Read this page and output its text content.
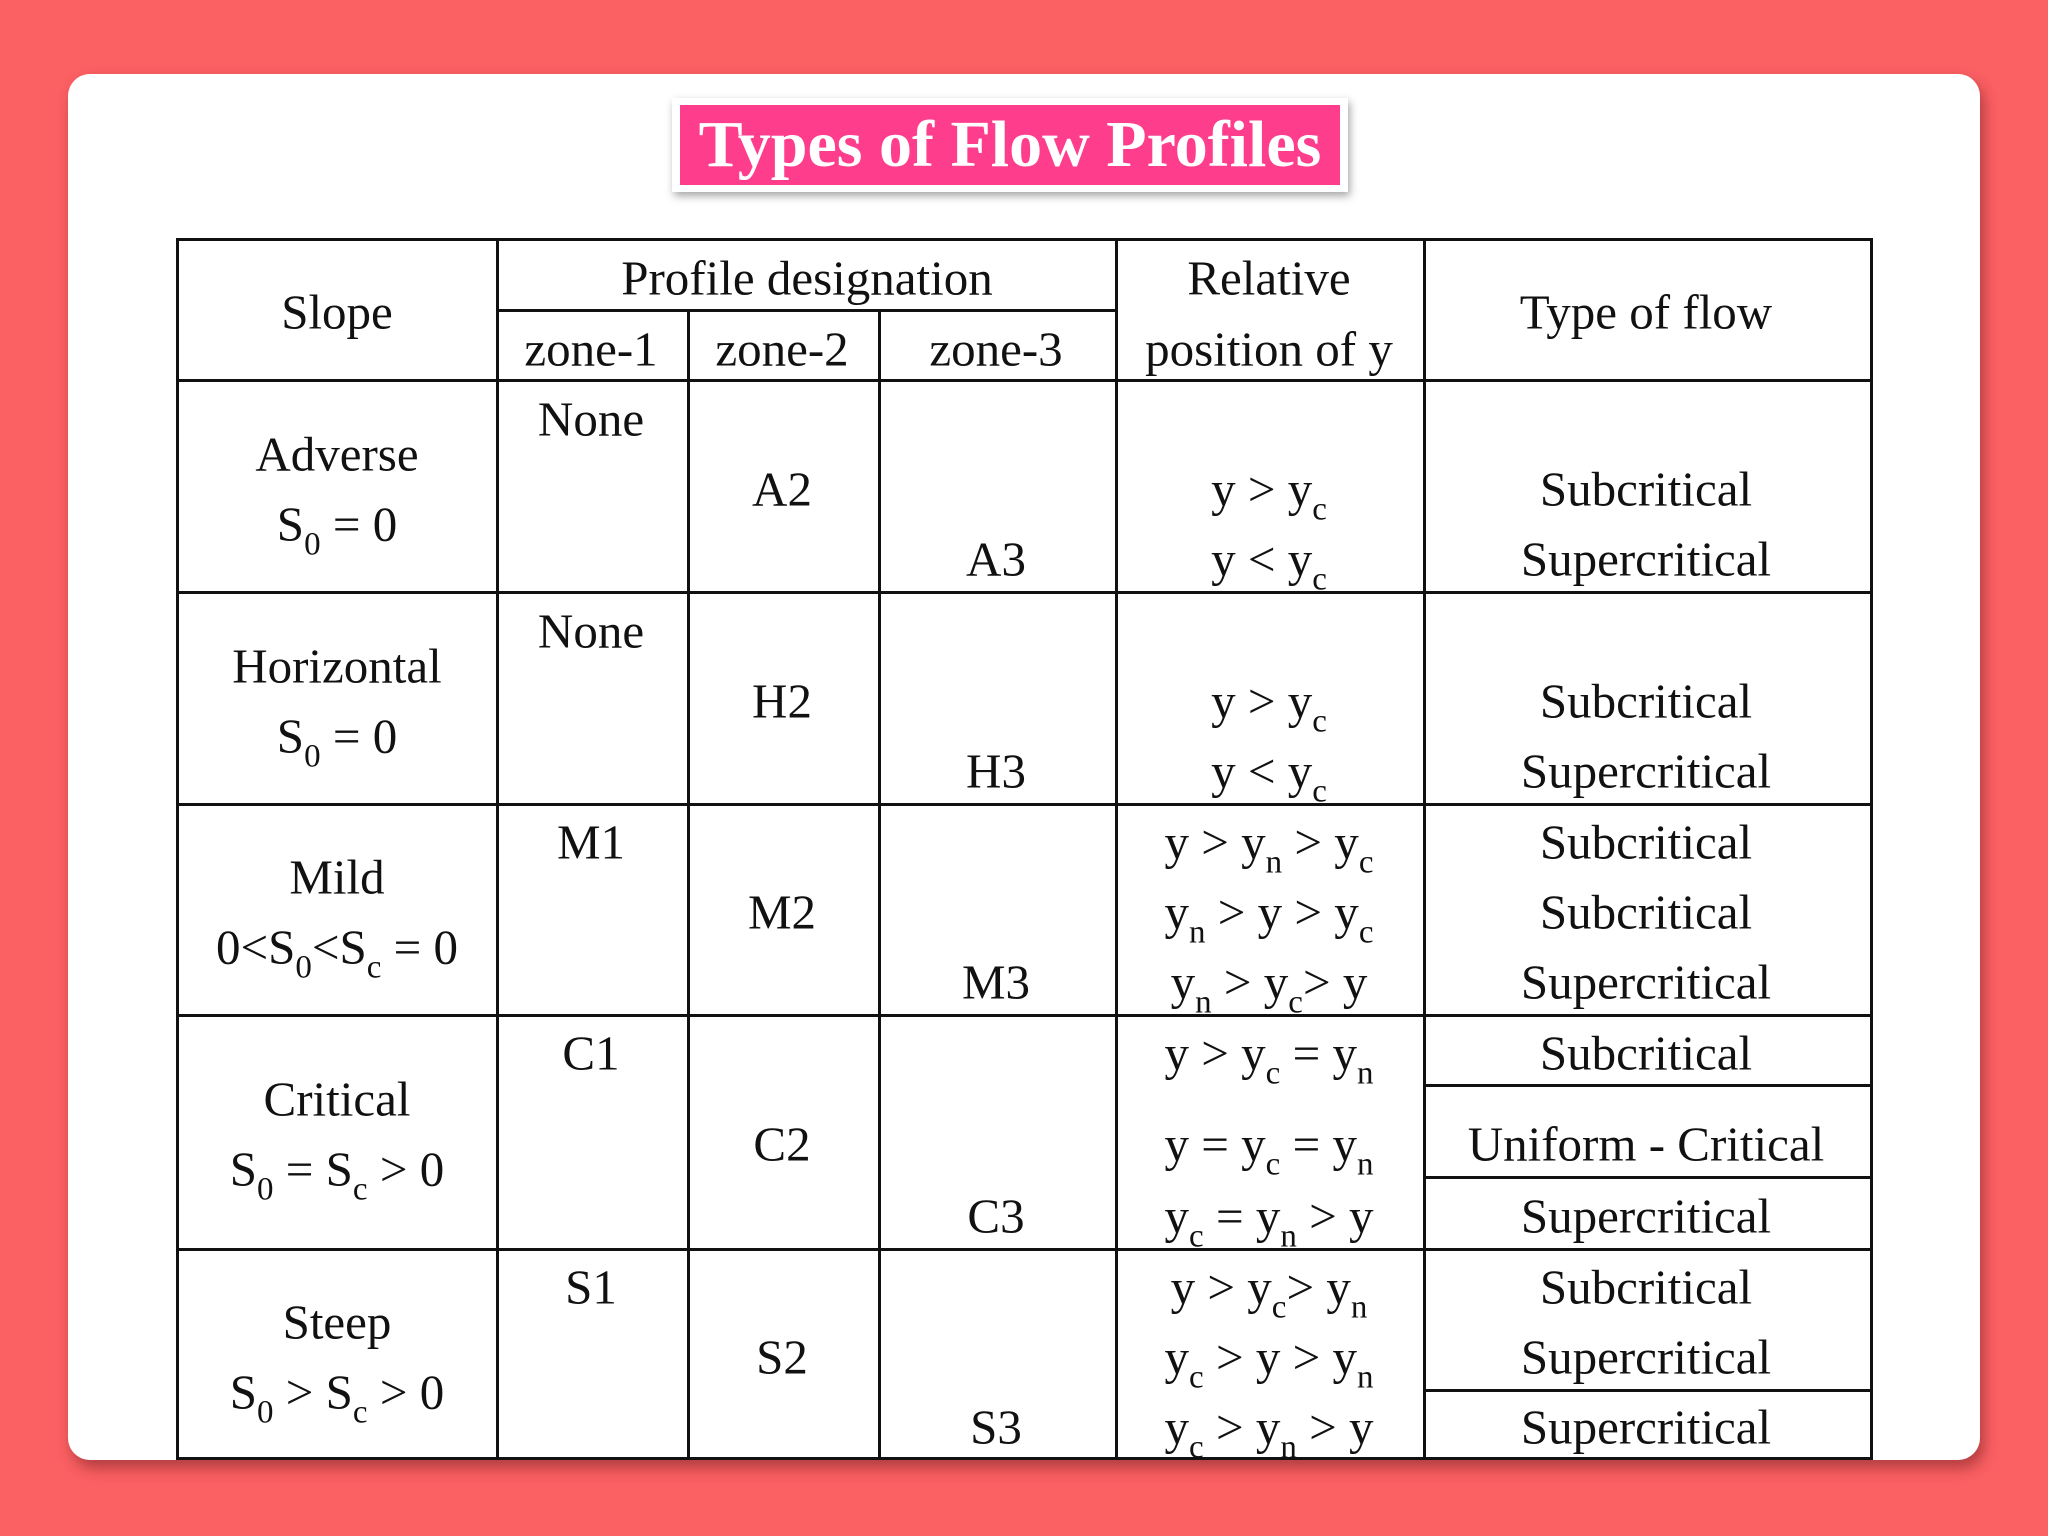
Types of Flow Profiles
Slope
Profile designation
zone-1 zone-2 zone-3
Relative
position of y
Type of flow
Adverse
$S_0 = 0$
None
A2
A3
$y > y_c$
$y < y_c$
Subcritical
Supercritical
Horizontal
$S_0 = 0$
None
H2
H3
$y > y_c$
$y < y_c$
Subcritical
Supercritical
Mild
$0<S_0<S_c = 0$
M1
M2
M3
$y > y_n > y_c$
$y_n > y > y_c$
$y_n > y_c> y$
Subcritical
Subcritical
Supercritical
Critical
$S_0 = S_c > 0$
C1
C2
C3
$y > y_c = y_n$
$y = y_c = y_n$
$y_c = y_n > y$
Subcritical
Uniform - Critical
Supercritical
Steep
$S_0 > S_c > 0$
S1
S2
S3
$y > y_c> y_n$
$y_c > y > y_n$
$y_c > y_n > y$
Subcritical
Supercritical
Supercritical
